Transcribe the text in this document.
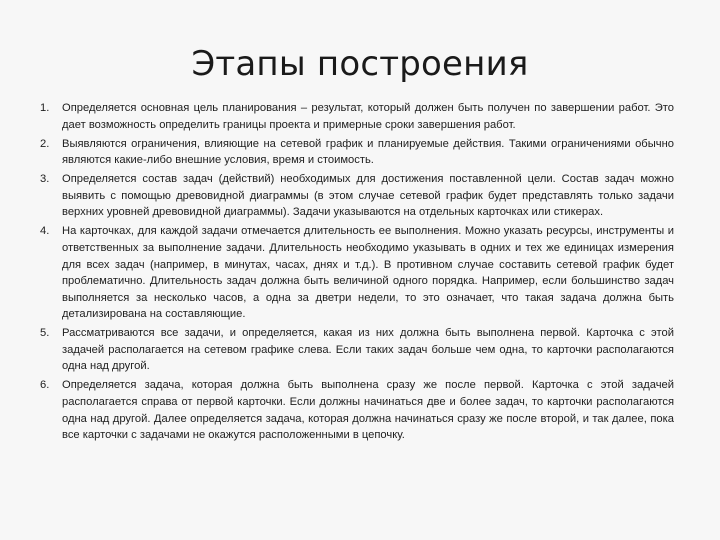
Этапы построения
1.	Определяется основная цель планирования – результат, который должен быть получен по завершении работ. Это дает возможность определить границы проекта и примерные сроки завершения работ.
2.	Выявляются ограничения, влияющие на сетевой график и планируемые действия. Такими ограничениями обычно являются какие-либо внешние условия, время и стоимость.
3.	Определяется состав задач (действий) необходимых для достижения поставленной цели. Состав задач можно выявить с помощью древовидной диаграммы (в этом случае сетевой график будет представлять только задачи верхних уровней древовидной диаграммы). Задачи указываются на отдельных карточках или стикерах.
4.	На карточках, для каждой задачи отмечается длительность ее выполнения. Можно указать ресурсы, инструменты и ответственных за выполнение задачи. Длительность необходимо указывать в одних и тех же единицах измерения для всех задач (например, в минутах, часах, днях и т.д.). В противном случае составить сетевой график будет проблематично. Длительность задач должна быть величиной одного порядка. Например, если большинство задач выполняется за несколько часов, а одна за дветри недели, то это означает, что такая задача должна быть детализирована на составляющие.
5.	Рассматриваются все задачи, и определяется, какая из них должна быть выполнена первой. Карточка с этой задачей располагается на сетевом графике слева. Если таких задач больше чем одна, то карточки располагаются одна над другой.
6.	Определяется задача, которая должна быть выполнена сразу же после первой. Карточка с этой задачей располагается справа от первой карточки. Если должны начинаться две и более задач, то карточки располагаются одна над другой. Далее определяется задача, которая должна начинаться сразу же после второй, и так далее, пока все карточки с задачами не окажутся расположенными в цепочку.
